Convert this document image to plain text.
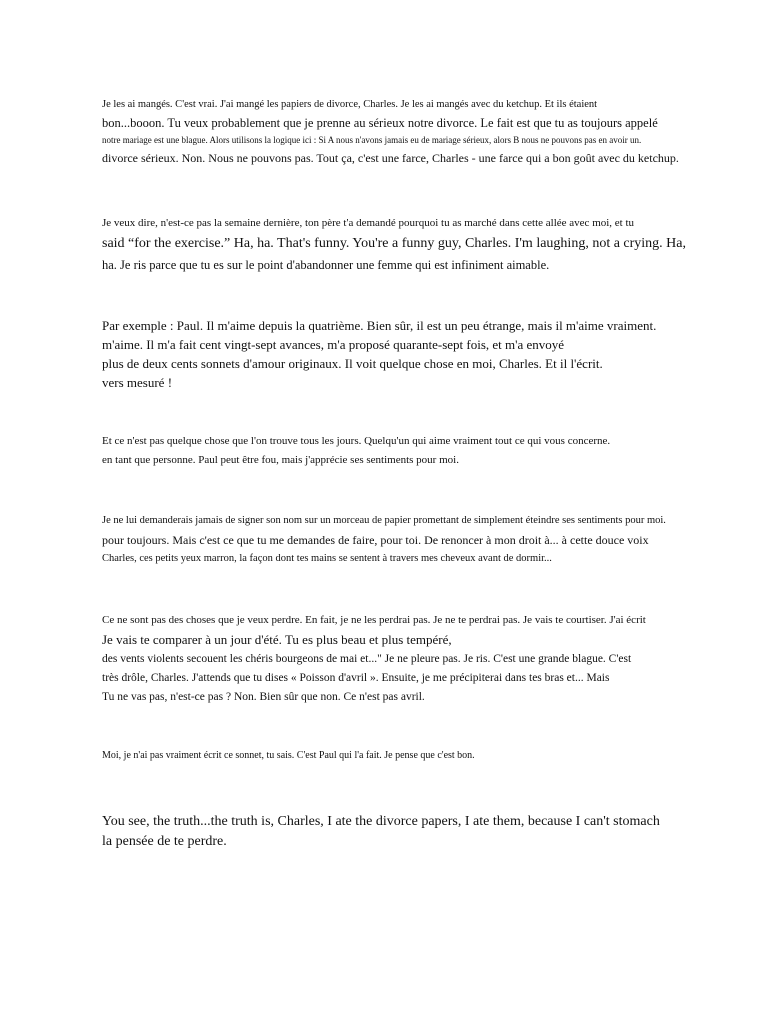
Je les ai mangés. C'est vrai. J'ai mangé les papiers de divorce, Charles. Je les ai mangés avec du ketchup. Et ils étaient
bon...booon. Tu veux probablement que je prenne au sérieux notre divorce. Le fait est que tu as toujours appelé
notre mariage est une blague. Alors utilisons la logique ici : Si A nous n'avons jamais eu de mariage sérieux, alors B nous ne pouvons pas en avoir un.
divorce sérieux. Non. Nous ne pouvons pas. Tout ça, c'est une farce, Charles - une farce qui a bon goût avec du ketchup.
Je veux dire, n'est-ce pas la semaine dernière, ton père t'a demandé pourquoi tu as marché dans cette allée avec moi, et tu
said “for the exercise.” Ha, ha. That's funny. You're a funny guy, Charles. I'm laughing, not a crying. Ha,
ha. Je ris parce que tu es sur le point d'abandonner une femme qui est infiniment aimable.
Par exemple : Paul. Il m'aime depuis la quatrième. Bien sûr, il est un peu étrange, mais il m'aime vraiment.
m'aime. Il m'a fait cent vingt-sept avances, m'a proposé quarante-sept fois, et m'a envoyé
plus de deux cents sonnets d'amour originaux. Il voit quelque chose en moi, Charles. Et il l'écrit.
vers mesuré !
Et ce n'est pas quelque chose que l'on trouve tous les jours. Quelqu'un qui aime vraiment tout ce qui vous concerne.
en tant que personne. Paul peut être fou, mais j'apprécie ses sentiments pour moi.
Je ne lui demanderais jamais de signer son nom sur un morceau de papier promettant de simplement éteindre ses sentiments pour moi.
pour toujours. Mais c'est ce que tu me demandes de faire, pour toi. De renoncer à mon droit à... à cette douce voix
Charles, ces petits yeux marron, la façon dont tes mains se sentent à travers mes cheveux avant de dormir...
Ce ne sont pas des choses que je veux perdre. En fait, je ne les perdrai pas. Je ne te perdrai pas. Je vais te courtiser. J'ai écrit
Je vais te comparer à un jour d'été. Tu es plus beau et plus tempéré,
des vents violents secouent les chéris bourgeons de mai et..." Je ne pleure pas. Je ris. C'est une grande blague. C'est
très drôle, Charles. J'attends que tu dises « Poisson d'avril ». Ensuite, je me précipiterai dans tes bras et... Mais
Tu ne vas pas, n'est-ce pas ? Non. Bien sûr que non. Ce n'est pas avril.
Moi, je n'ai pas vraiment écrit ce sonnet, tu sais. C'est Paul qui l'a fait. Je pense que c'est bon.
You see, the truth...the truth is, Charles, I ate the divorce papers, I ate them, because I can't stomach
la pensée de te perdre.
